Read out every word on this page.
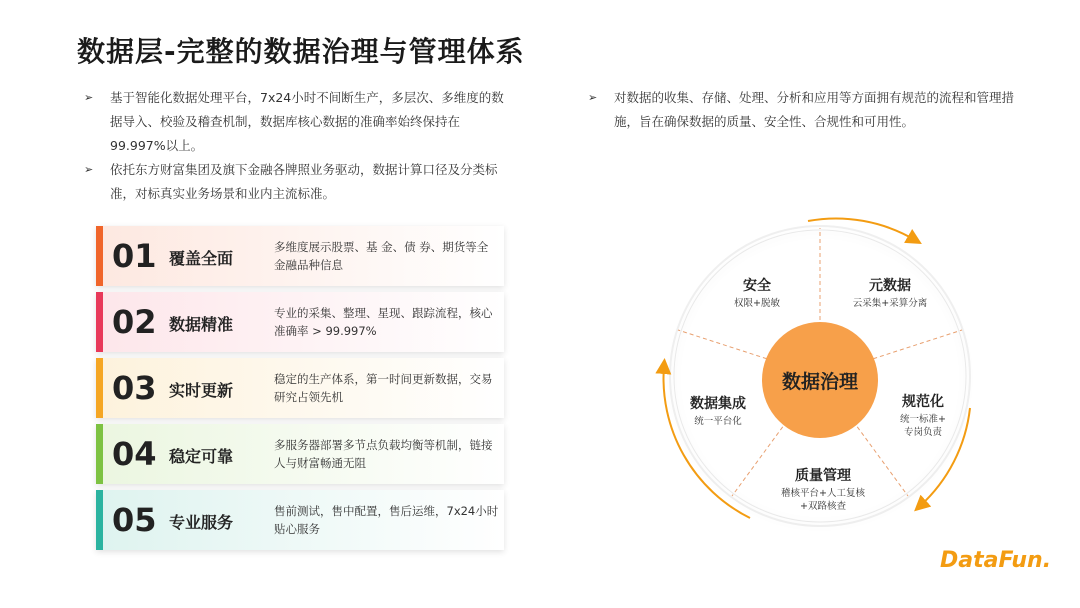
数据层-完整的数据治理与管理体系
➢ 基于智能化数据处理平台，7x24小时不间断生产，多层次、多维度的数据导入、校验及稽查机制，数据库核心数据的准确率始终保持在99.997%以上。
➢ 依托东方财富集团及旗下金融各牌照业务驱动，数据计算口径及分类标准，对标真实业务场景和业内主流标准。
➢ 对数据的收集、存储、处理、分析和应用等方面拥有规范的流程和管理措施，旨在确保数据的质量、安全性、合规性和可用性。
01 覆盖全面
多维度展示股票、基 金、债 券、期货等全金融品种信息
02 数据精准
专业的采集、整理、星现、跟踪流程，核心准确率 > 99.997%
03 实时更新
稳定的生产体系，第一时间更新数据，交易研究占领先机
04 稳定可靠
多服务器部署多节点负载均衡等机制，链接人与财富畅通无阻
05 专业服务
售前测试，售中配置，售后运维，7x24小时贴心服务
数据治理
安全
权限+脱敏
元数据
云采集+采算分离
规范化
统一标准+
专岗负责
质量管理
稽核平台+人工复核
+双路核查
数据集成
统一平台化
DataFun.
